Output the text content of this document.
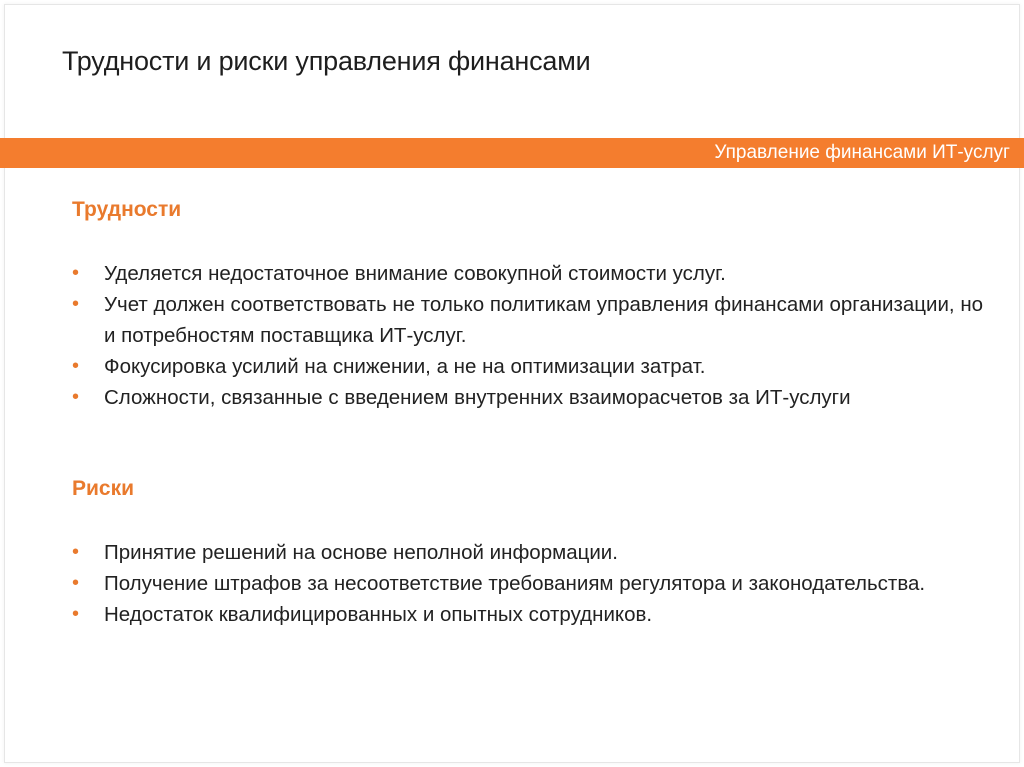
Трудности и риски управления финансами
Управление финансами ИТ-услуг
Трудности
• Уделяется недостаточное внимание совокупной стоимости услуг.
• Учет должен соответствовать не только политикам управления финансами организации, но и потребностям поставщика ИТ-услуг.
• Фокусировка усилий на снижении, а не на оптимизации затрат.
• Сложности, связанные с введением внутренних взаиморасчетов за ИТ-услуги
Риски
• Принятие решений на основе неполной информации.
• Получение штрафов за несоответствие требованиям регулятора и законодательства.
• Недостаток квалифицированных и опытных сотрудников.
